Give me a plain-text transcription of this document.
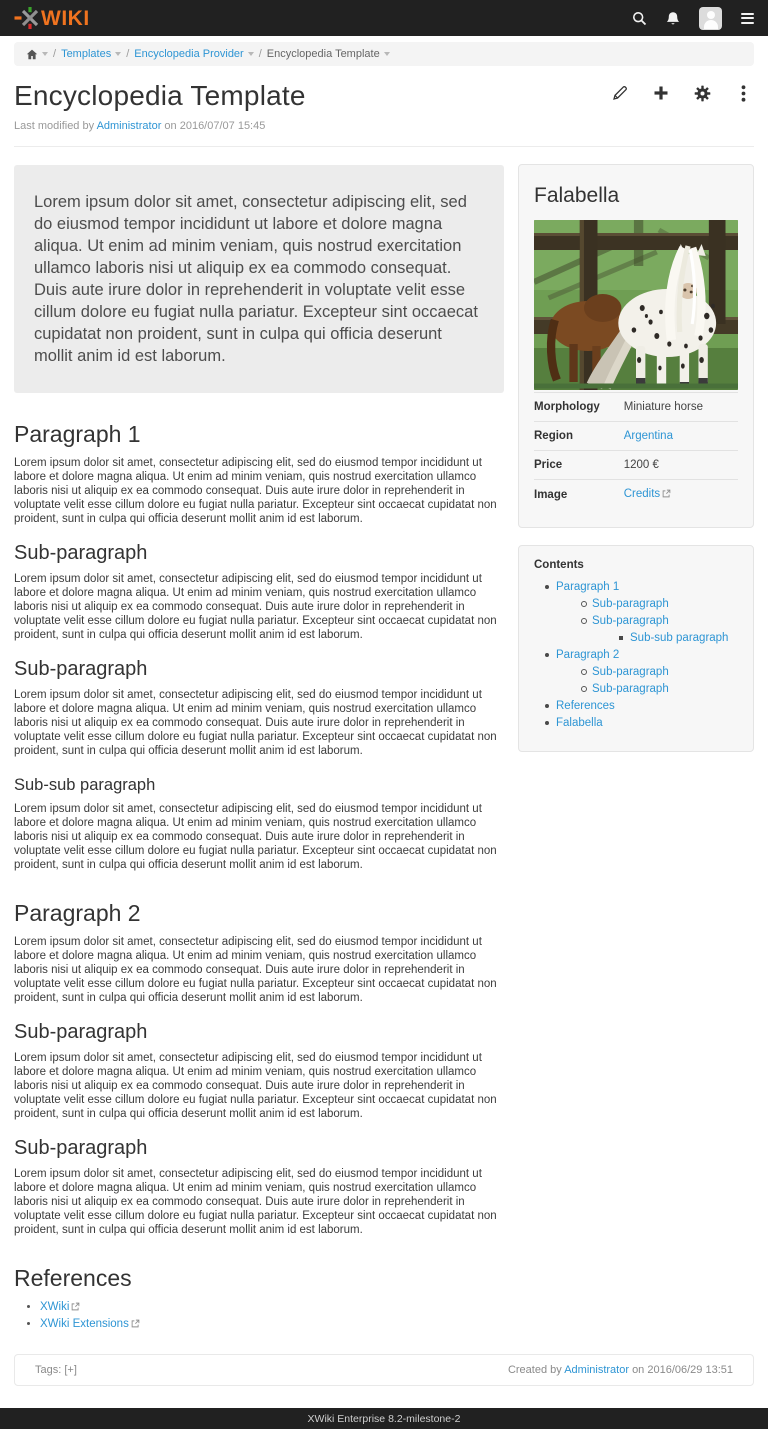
WIKI
/ Templates / Encyclopedia Provider / Encyclopedia Template
Encyclopedia Template
Last modified by Administrator on 2016/07/07 15:45
Lorem ipsum dolor sit amet, consectetur adipiscing elit, sed do eiusmod tempor incididunt ut labore et dolore magna aliqua. Ut enim ad minim veniam, quis nostrud exercitation ullamco laboris nisi ut aliquip ex ea commodo consequat. Duis aute irure dolor in reprehenderit in voluptate velit esse cillum dolore eu fugiat nulla pariatur. Excepteur sint occaecat cupidatat non proident, sunt in culpa qui officia deserunt mollit anim id est laborum.
Paragraph 1

Lorem ipsum dolor sit amet, consectetur adipiscing elit, sed do eiusmod tempor incididunt ut labore et dolore magna aliqua. Ut enim ad minim veniam, quis nostrud exercitation ullamco laboris nisi ut aliquip ex ea commodo consequat. Duis aute irure dolor in reprehenderit in voluptate velit esse cillum dolore eu fugiat nulla pariatur. Excepteur sint occaecat cupidatat non proident, sunt in culpa qui officia deserunt mollit anim id est laborum.

Sub-paragraph

Lorem ipsum dolor sit amet, consectetur adipiscing elit, sed do eiusmod tempor incididunt ut labore et dolore magna aliqua. Ut enim ad minim veniam, quis nostrud exercitation ullamco laboris nisi ut aliquip ex ea commodo consequat. Duis aute irure dolor in reprehenderit in voluptate velit esse cillum dolore eu fugiat nulla pariatur. Excepteur sint occaecat cupidatat non proident, sunt in culpa qui officia deserunt mollit anim id est laborum.

Sub-paragraph

Lorem ipsum dolor sit amet, consectetur adipiscing elit, sed do eiusmod tempor incididunt ut labore et dolore magna aliqua. Ut enim ad minim veniam, quis nostrud exercitation ullamco laboris nisi ut aliquip ex ea commodo consequat. Duis aute irure dolor in reprehenderit in voluptate velit esse cillum dolore eu fugiat nulla pariatur. Excepteur sint occaecat cupidatat non proident, sunt in culpa qui officia deserunt mollit anim id est laborum.

Sub-sub paragraph

Lorem ipsum dolor sit amet, consectetur adipiscing elit, sed do eiusmod tempor incididunt ut labore et dolore magna aliqua. Ut enim ad minim veniam, quis nostrud exercitation ullamco laboris nisi ut aliquip ex ea commodo consequat. Duis aute irure dolor in reprehenderit in voluptate velit esse cillum dolore eu fugiat nulla pariatur. Excepteur sint occaecat cupidatat non proident, sunt in culpa qui officia deserunt mollit anim id est laborum.

Paragraph 2

Lorem ipsum dolor sit amet, consectetur adipiscing elit, sed do eiusmod tempor incididunt ut labore et dolore magna aliqua. Ut enim ad minim veniam, quis nostrud exercitation ullamco laboris nisi ut aliquip ex ea commodo consequat. Duis aute irure dolor in reprehenderit in voluptate velit esse cillum dolore eu fugiat nulla pariatur. Excepteur sint occaecat cupidatat non proident, sunt in culpa qui officia deserunt mollit anim id est laborum.

Sub-paragraph

Lorem ipsum dolor sit amet, consectetur adipiscing elit, sed do eiusmod tempor incididunt ut labore et dolore magna aliqua. Ut enim ad minim veniam, quis nostrud exercitation ullamco laboris nisi ut aliquip ex ea commodo consequat. Duis aute irure dolor in reprehenderit in voluptate velit esse cillum dolore eu fugiat nulla pariatur. Excepteur sint occaecat cupidatat non proident, sunt in culpa qui officia deserunt mollit anim id est laborum.

Sub-paragraph

Lorem ipsum dolor sit amet, consectetur adipiscing elit, sed do eiusmod tempor incididunt ut labore et dolore magna aliqua. Ut enim ad minim veniam, quis nostrud exercitation ullamco laboris nisi ut aliquip ex ea commodo consequat. Duis aute irure dolor in reprehenderit in voluptate velit esse cillum dolore eu fugiat nulla pariatur. Excepteur sint occaecat cupidatat non proident, sunt in culpa qui officia deserunt mollit anim id est laborum.

References
• XWiki
• XWiki Extensions
Falabella
Morphology	Miniature horse
Region	Argentina
Price	1200 €
Image	Credits
Contents
Paragraph 1
Sub-paragraph
Sub-paragraph
Sub-sub paragraph
Paragraph 2
Sub-paragraph
Sub-paragraph
References
Falabella
Tags: [+]	Created by Administrator on 2016/06/29 13:51
XWiki Enterprise 8.2-milestone-2
